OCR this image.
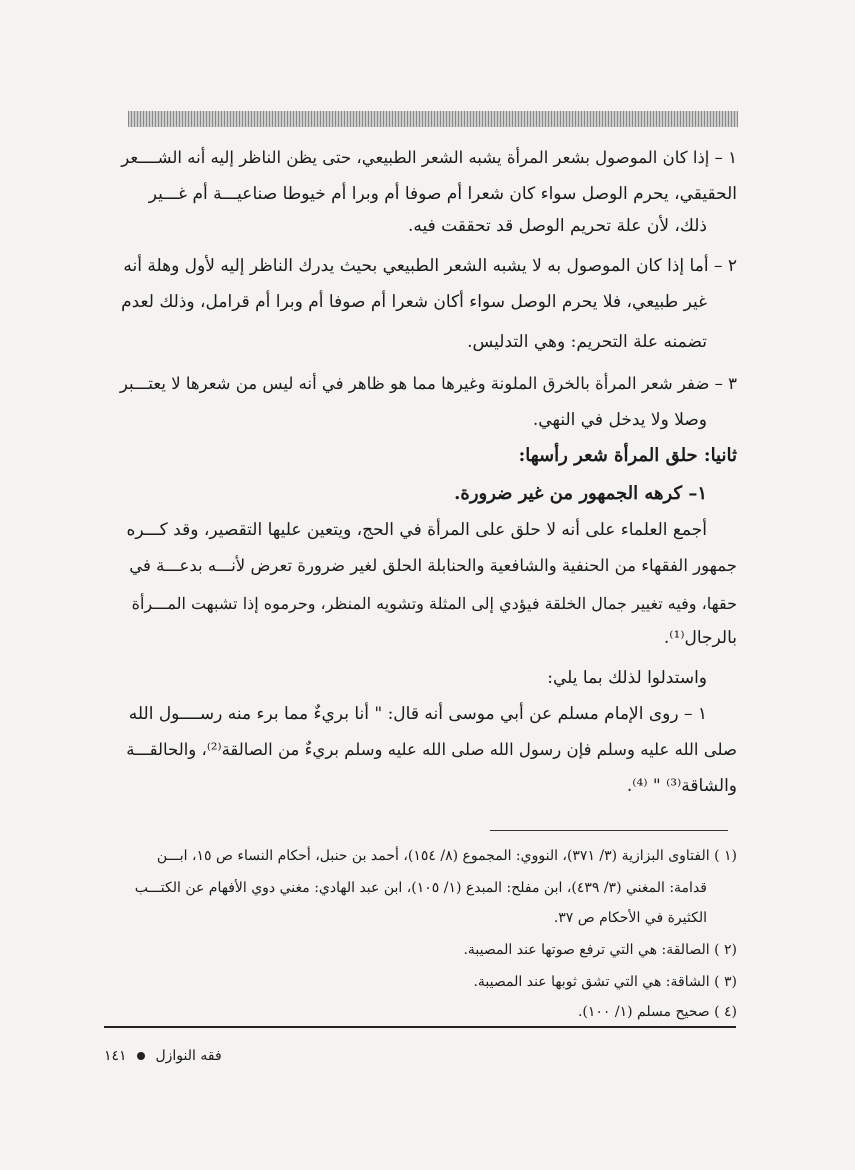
١ – إذا كان الموصول بشعر المرأة يشبه الشعر الطبيعي، حتى يظن الناظر إليه أنه الشــــعر
الحقيقي، يحرم الوصل سواء كان شعرا أم صوفا أم وبرا أم خيوطا صناعيـــة أم غـــير
ذلك، لأن علة تحريم الوصل قد تحققت فيه.
٢ – أما إذا كان الموصول به لا يشبه الشعر الطبيعي بحيث يدرك الناظر إليه لأول وهلة أنه
غير طبيعي، فلا يحرم الوصل سواء أكان شعرا أم صوفا أم وبرا أم قرامل، وذلك لعدم
تضمنه علة التحريم: وهي التدليس.
٣ – ضفر شعر المرأة بالخرق الملونة وغيرها مما هو ظاهر في أنه ليس من شعرها لا يعتـــبر
وصلا ولا يدخل في النهي.
ثانيا: حلق المرأة شعر رأسها:
١– كرهه الجمهور من غير ضرورة.
أجمع العلماء على أنه لا حلق على المرأة في الحج، ويتعين عليها التقصير، وقد كـــره
جمهور الفقهاء من الحنفية والشافعية والحنابلة الحلق لغير ضرورة تعرض لأنـــه بدعـــة في
حقها، وفيه تغيير جمال الخلقة فيؤدي إلى المثلة وتشويه المنظر، وحرموه إذا تشبهت المـــرأة
بالرجال⁽¹⁾.
واستدلوا لذلك بما يلي:
١ – روى الإمام مسلم عن أبي موسى أنه قال: " أنا بريءٌ مما برء منه رســــول الله
صلى الله عليه وسلم فإن رسول الله صلى الله عليه وسلم بريءٌ من الصالقة⁽²⁾، والحالقـــة
والشاقة⁽³⁾ " ⁽⁴⁾.
(١ ) الفتاوى البزازية (٣/ ٣٧١)، النووي: المجموع (٨/ ١٥٤)، أحمد بن حنبل، أحكام النساء ص ١٥، ابـــن
قدامة: المغني (٣/ ٤٣٩)، ابن مفلح: المبدع (١/ ١٠٥)، ابن عبد الهادي: مغني دوي الأفهام عن الكتـــب
الكثيرة في الأحكام ص ٣٧.
(٢ ) الصالقة: هي التي ترفع صوتها عند المصيبة.
(٣ ) الشاقة: هي التي تشق ثوبها عند المصيبة.
(٤ ) صحيح مسلم (١/ ١٠٠).
فقه النوازل  ١٤١
